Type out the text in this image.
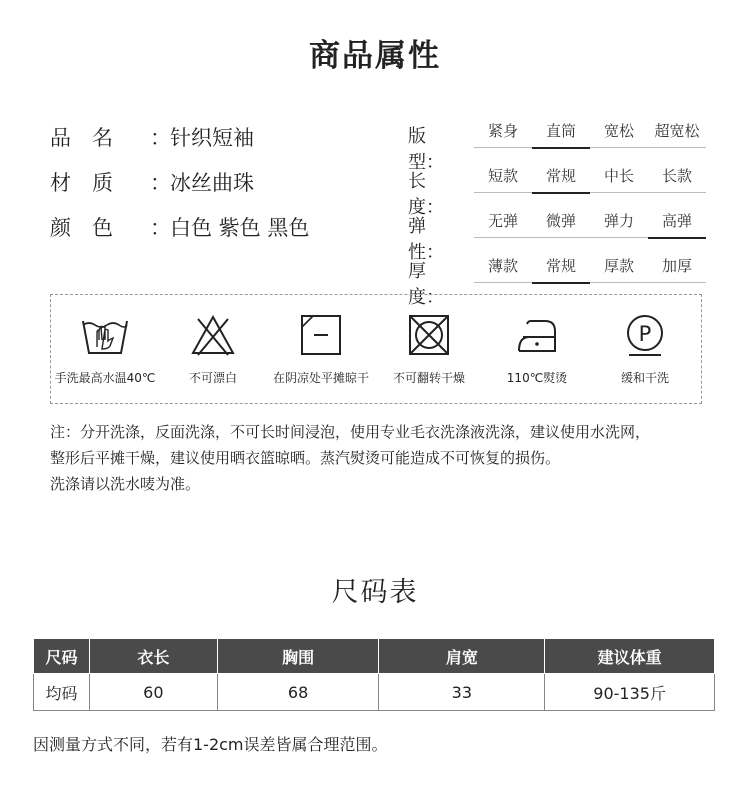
商品属性
品　名 ：针织短袖
材　质 ：冰丝曲珠
颜　色 ：白色 紫色 黑色
版型：
紧身	直筒	宽松	超宽松
长度：
短款	常规	中长	长款
弹性：
无弹	微弹	弹力	高弹
厚度：
薄款	常规	厚款	加厚
手洗最高水温40℃	不可漂白	在阴凉处平摊晾干	不可翻转干燥	110℃熨烫
P
缓和干洗
注：分开洗涤，反面洗涤，不可长时间浸泡，使用专业毛衣洗涤液洗涤，建议使用水洗网，
整形后平摊干燥，建议使用晒衣篮晾晒。蒸汽熨烫可能造成不可恢复的损伤。
洗涤请以洗水唛为准。
尺码表
尺码	衣长	胸围	肩宽	建议体重
均码	60	68	33	90-135斤
因测量方式不同，若有1-2cm误差皆属合理范围。
